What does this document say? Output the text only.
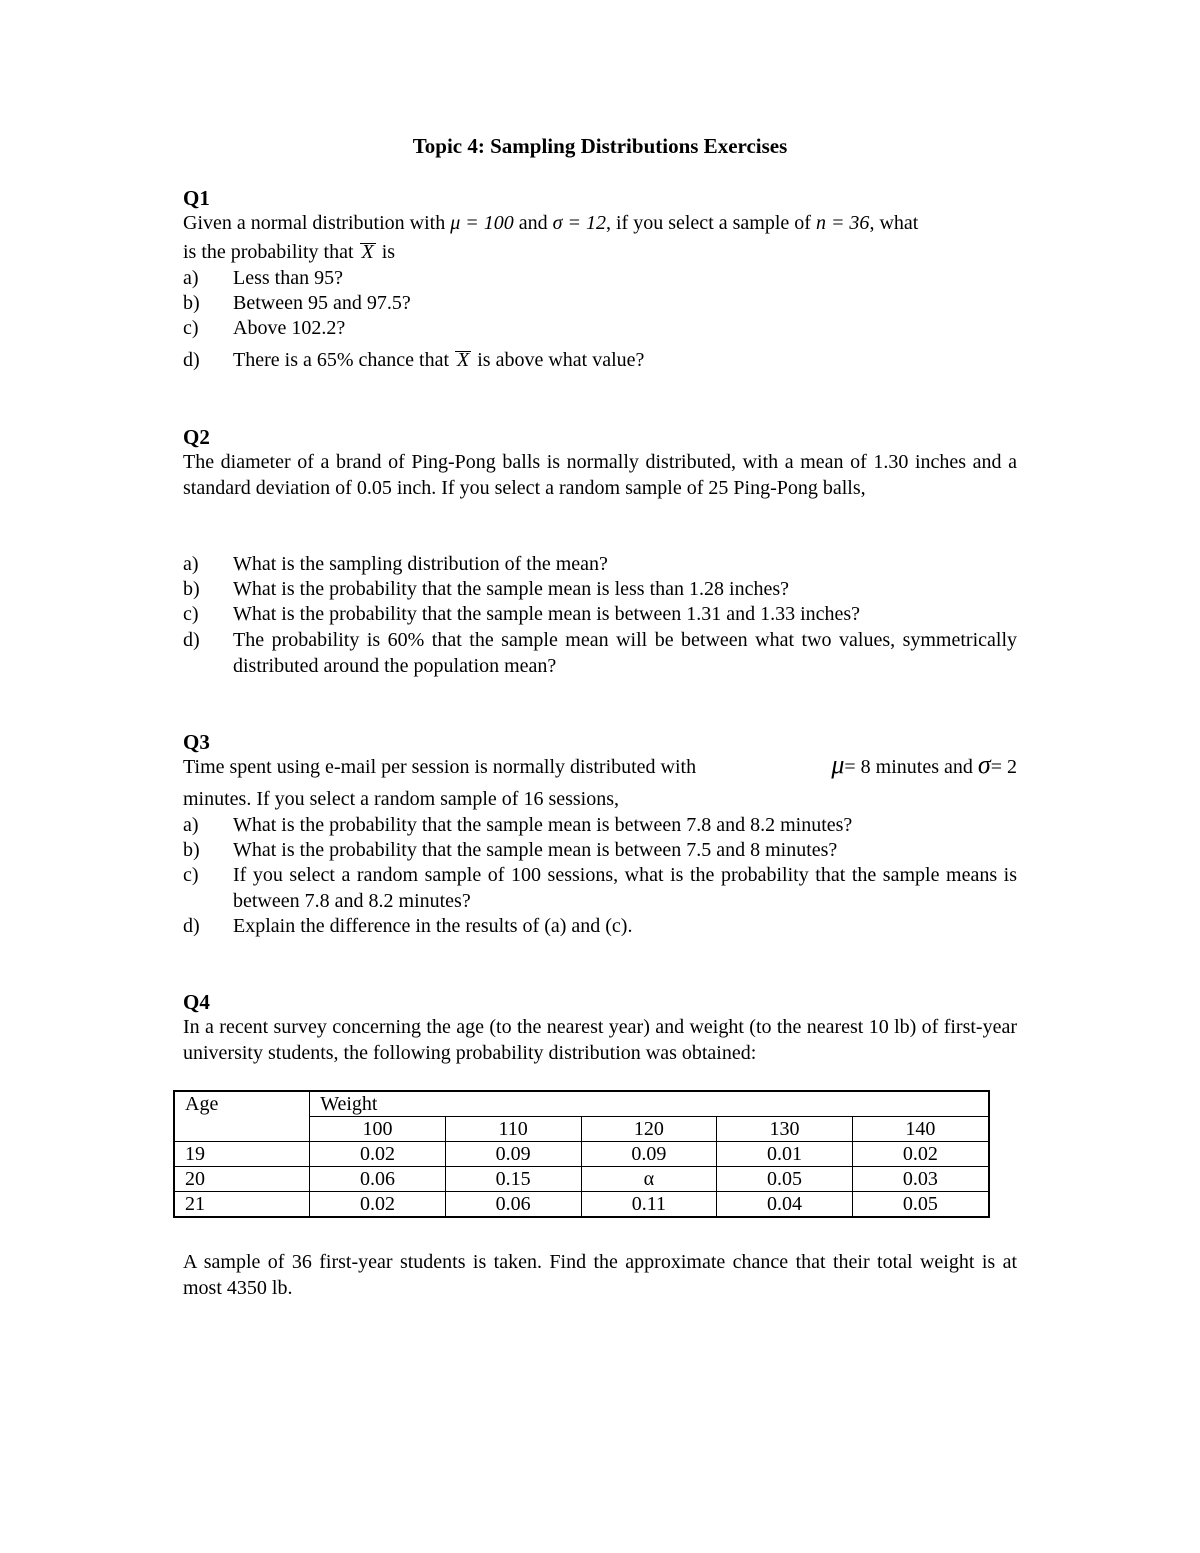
Topic 4: Sampling Distributions Exercises
Q1
Given a normal distribution with μ = 100 and σ = 12, if you select a sample of n = 36, what
is the probability that X is
a) Less than 95?
b) Between 95 and 97.5?
c) Above 102.2?
d) There is a 65% chance that X is above what value?
Q2
The diameter of a brand of Ping-Pong balls is normally distributed, with a mean of 1.30 inches and a standard deviation of 0.05 inch. If you select a random sample of 25 Ping-Pong balls,
a) What is the sampling distribution of the mean?
b) What is the probability that the sample mean is less than 1.28 inches?
c) What is the probability that the sample mean is between 1.31 and 1.33 inches?
d) The probability is 60% that the sample mean will be between what two values, symmetrically distributed around the population mean?
Q3
Time spent using e-mail per session is normally distributed with	μ= 8 minutes and σ= 2
minutes. If you select a random sample of 16 sessions,
a) What is the probability that the sample mean is between 7.8 and 8.2 minutes?
b) What is the probability that the sample mean is between 7.5 and 8 minutes?
c) If you select a random sample of 100 sessions, what is the probability that the sample means is between 7.8 and 8.2 minutes?
d) Explain the difference in the results of (a) and (c).
Q4
In a recent survey concerning the age (to the nearest year) and weight (to the nearest 10 lb) of first-year university students, the following probability distribution was obtained:
Age	Weight				
	100	110	120	130	140
19	0.02	0.09	0.09	0.01	0.02
20	0.06	0.15	α	0.05	0.03
21	0.02	0.06	0.11	0.04	0.05
A sample of 36 first-year students is taken. Find the approximate chance that their total weight is at most 4350 lb.
